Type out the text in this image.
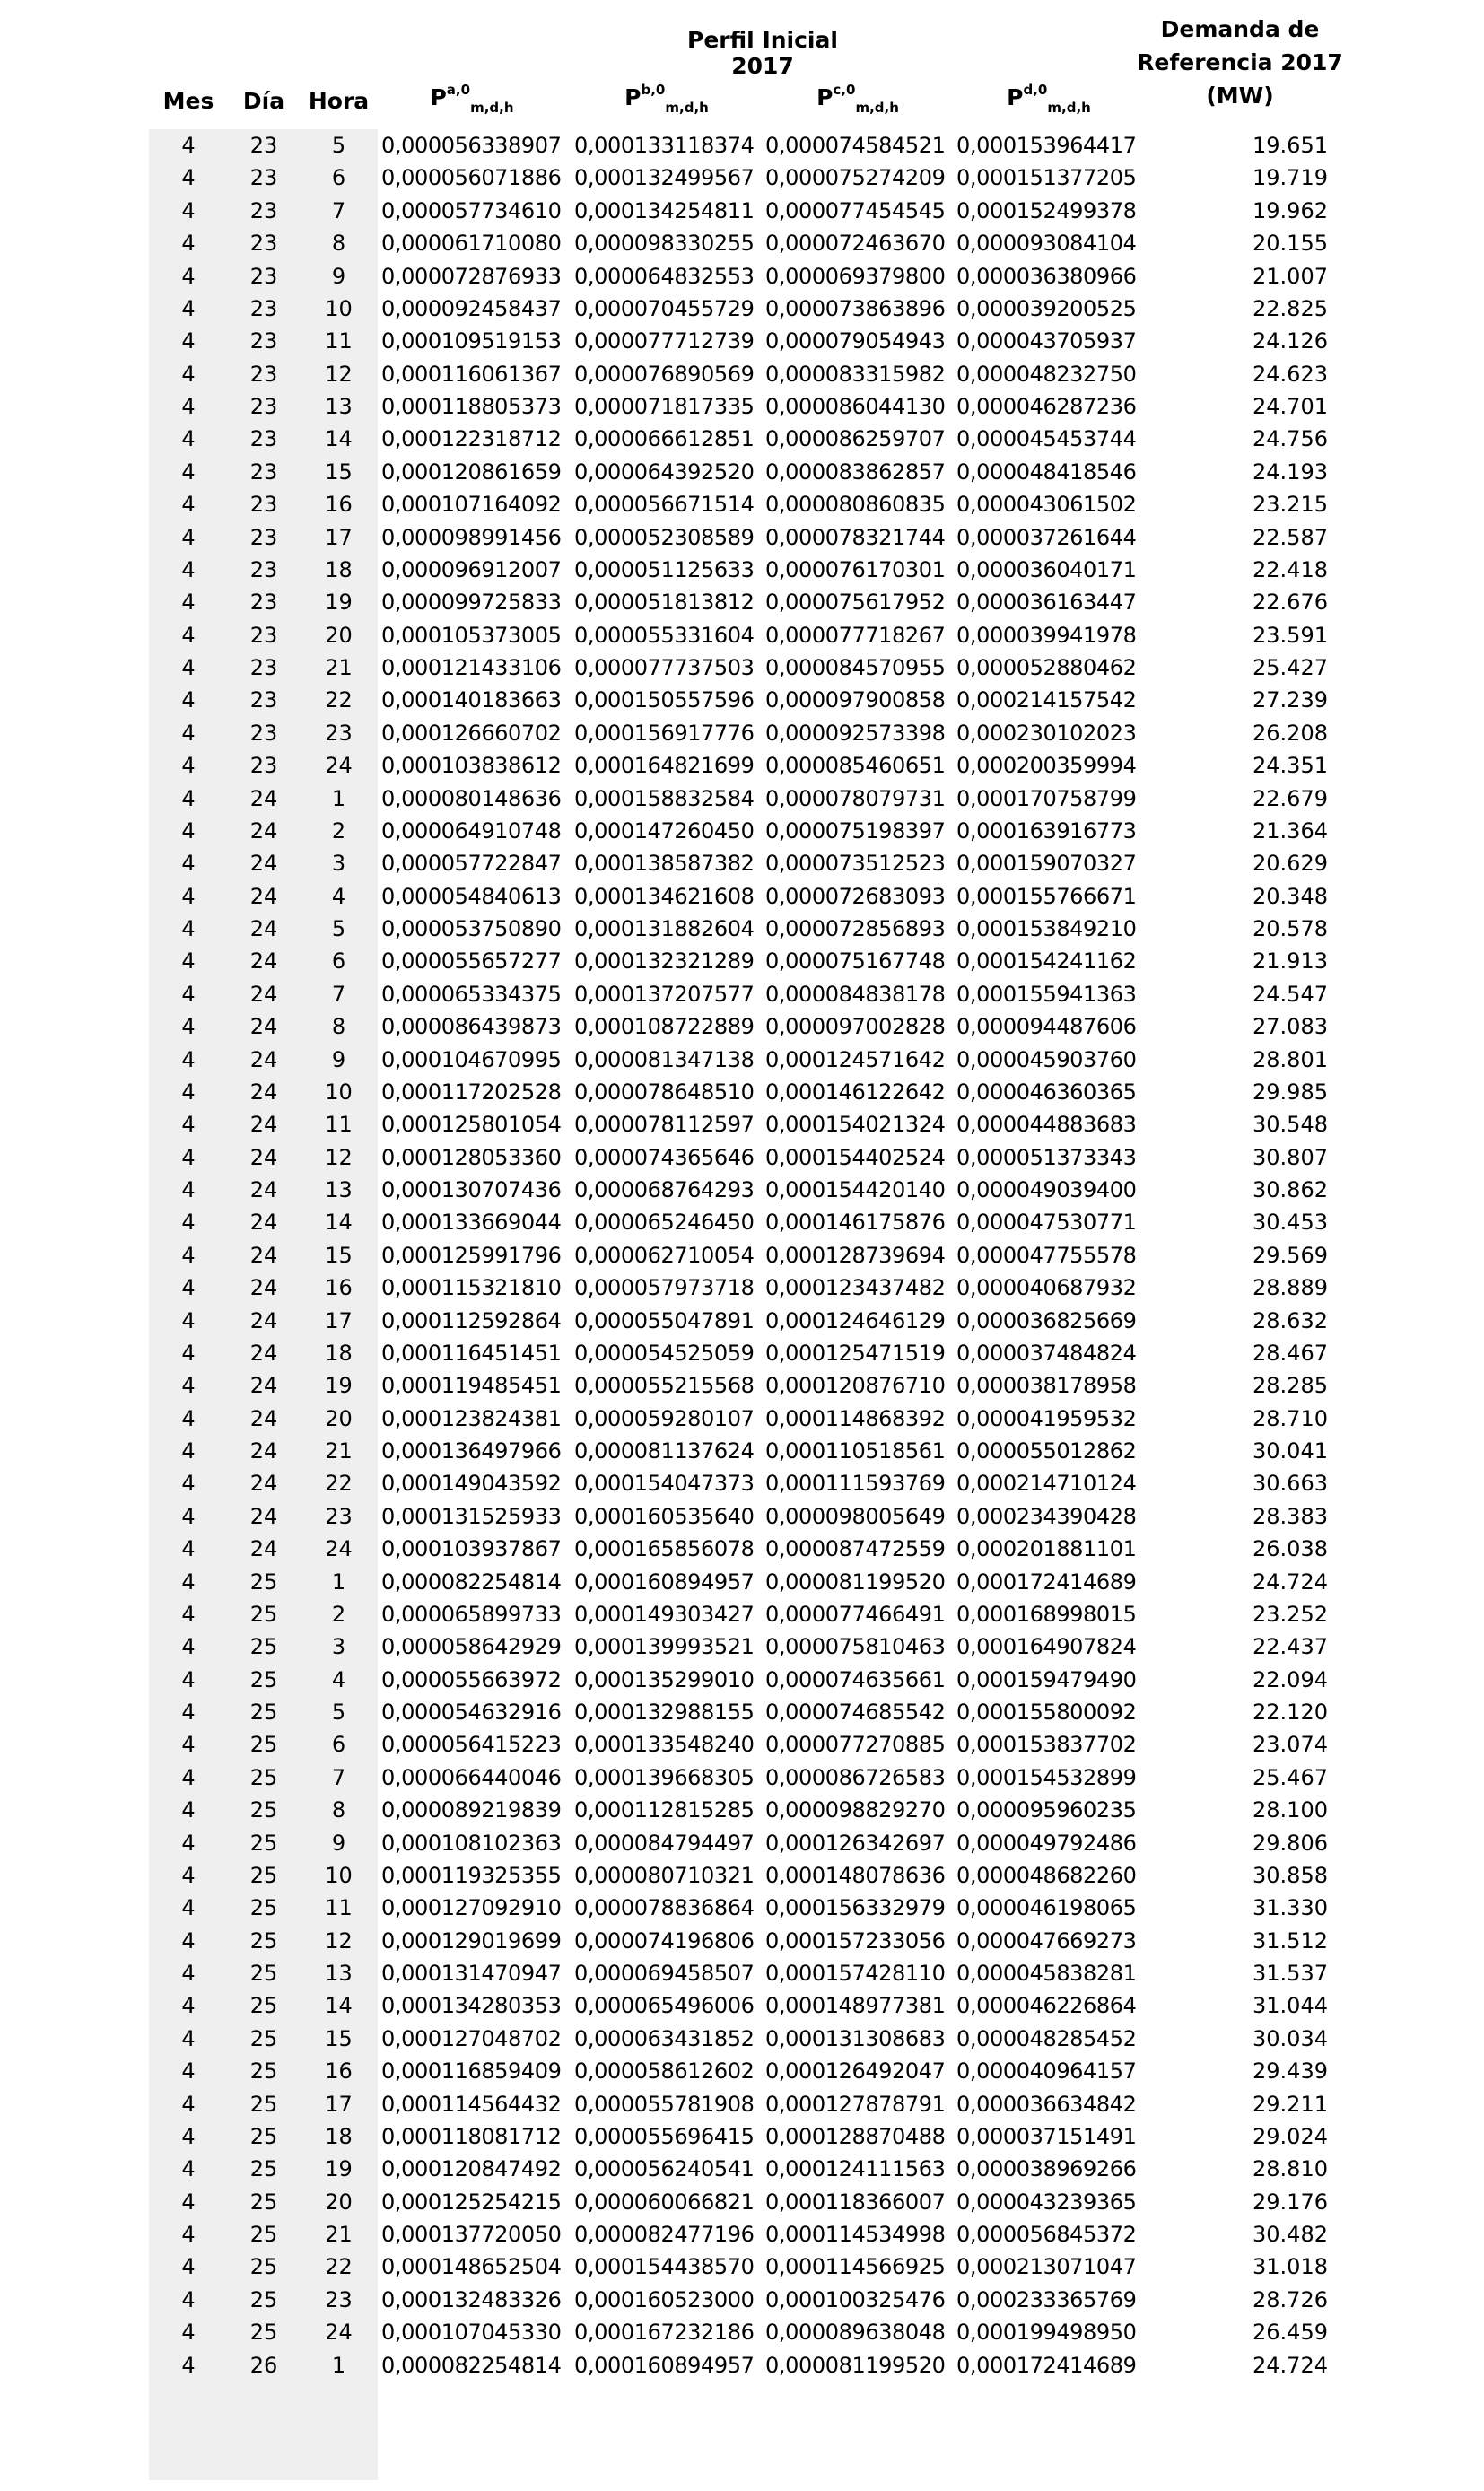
Perfil Inicial 2017
Demanda de
Referencia 2017
(MW)
Mes	Día	Hora	P$^{a,0}_{m,d,h}$	P$^{b,0}_{m,d,h}$	P$^{c,0}_{m,d,h}$	P$^{d,0}_{m,d,h}$
4	23	5	0,000056338907 0,000133118374 0,000074584521 0,000153964417	19.651
4	23	6	0,000056071886 0,000132499567 0,000075274209 0,000151377205	19.719
4	23	7	0,000057734610 0,000134254811 0,000077454545 0,000152499378	19.962
4	23	8	0,000061710080 0,000098330255 0,000072463670 0,000093084104	20.155
4	23	9	0,000072876933 0,000064832553 0,000069379800 0,000036380966	21.007
4	23	10	0,000092458437 0,000070455729 0,000073863896 0,000039200525	22.825
4	23	11	0,000109519153 0,000077712739 0,000079054943 0,000043705937	24.126
4	23	12	0,000116061367 0,000076890569 0,000083315982 0,000048232750	24.623
4	23	13	0,000118805373 0,000071817335 0,000086044130 0,000046287236	24.701
4	23	14	0,000122318712 0,000066612851 0,000086259707 0,000045453744	24.756
4	23	15	0,000120861659 0,000064392520 0,000083862857 0,000048418546	24.193
4	23	16	0,000107164092 0,000056671514 0,000080860835 0,000043061502	23.215
4	23	17	0,000098991456 0,000052308589 0,000078321744 0,000037261644	22.587
4	23	18	0,000096912007 0,000051125633 0,000076170301 0,000036040171	22.418
4	23	19	0,000099725833 0,000051813812 0,000075617952 0,000036163447	22.676
4	23	20	0,000105373005 0,000055331604 0,000077718267 0,000039941978	23.591
4	23	21	0,000121433106 0,000077737503 0,000084570955 0,000052880462	25.427
4	23	22	0,000140183663 0,000150557596 0,000097900858 0,000214157542	27.239
4	23	23	0,000126660702 0,000156917776 0,000092573398 0,000230102023	26.208
4	23	24	0,000103838612 0,000164821699 0,000085460651 0,000200359994	24.351
4	24	1	0,000080148636 0,000158832584 0,000078079731 0,000170758799	22.679
4	24	2	0,000064910748 0,000147260450 0,000075198397 0,000163916773	21.364
4	24	3	0,000057722847 0,000138587382 0,000073512523 0,000159070327	20.629
4	24	4	0,000054840613 0,000134621608 0,000072683093 0,000155766671	20.348
4	24	5	0,000053750890 0,000131882604 0,000072856893 0,000153849210	20.578
4	24	6	0,000055657277 0,000132321289 0,000075167748 0,000154241162	21.913
4	24	7	0,000065334375 0,000137207577 0,000084838178 0,000155941363	24.547
4	24	8	0,000086439873 0,000108722889 0,000097002828 0,000094487606	27.083
4	24	9	0,000104670995 0,000081347138 0,000124571642 0,000045903760	28.801
4	24	10	0,000117202528 0,000078648510 0,000146122642 0,000046360365	29.985
4	24	11	0,000125801054 0,000078112597 0,000154021324 0,000044883683	30.548
4	24	12	0,000128053360 0,000074365646 0,000154402524 0,000051373343	30.807
4	24	13	0,000130707436 0,000068764293 0,000154420140 0,000049039400	30.862
4	24	14	0,000133669044 0,000065246450 0,000146175876 0,000047530771	30.453
4	24	15	0,000125991796 0,000062710054 0,000128739694 0,000047755578	29.569
4	24	16	0,000115321810 0,000057973718 0,000123437482 0,000040687932	28.889
4	24	17	0,000112592864 0,000055047891 0,000124646129 0,000036825669	28.632
4	24	18	0,000116451451 0,000054525059 0,000125471519 0,000037484824	28.467
4	24	19	0,000119485451 0,000055215568 0,000120876710 0,000038178958	28.285
4	24	20	0,000123824381 0,000059280107 0,000114868392 0,000041959532	28.710
4	24	21	0,000136497966 0,000081137624 0,000110518561 0,000055012862	30.041
4	24	22	0,000149043592 0,000154047373 0,000111593769 0,000214710124	30.663
4	24	23	0,000131525933 0,000160535640 0,000098005649 0,000234390428	28.383
4	24	24	0,000103937867 0,000165856078 0,000087472559 0,000201881101	26.038
4	25	1	0,000082254814 0,000160894957 0,000081199520 0,000172414689	24.724
4	25	2	0,000065899733 0,000149303427 0,000077466491 0,000168998015	23.252
4	25	3	0,000058642929 0,000139993521 0,000075810463 0,000164907824	22.437
4	25	4	0,000055663972 0,000135299010 0,000074635661 0,000159479490	22.094
4	25	5	0,000054632916 0,000132988155 0,000074685542 0,000155800092	22.120
4	25	6	0,000056415223 0,000133548240 0,000077270885 0,000153837702	23.074
4	25	7	0,000066440046 0,000139668305 0,000086726583 0,000154532899	25.467
4	25	8	0,000089219839 0,000112815285 0,000098829270 0,000095960235	28.100
4	25	9	0,000108102363 0,000084794497 0,000126342697 0,000049792486	29.806
4	25	10	0,000119325355 0,000080710321 0,000148078636 0,000048682260	30.858
4	25	11	0,000127092910 0,000078836864 0,000156332979 0,000046198065	31.330
4	25	12	0,000129019699 0,000074196806 0,000157233056 0,000047669273	31.512
4	25	13	0,000131470947 0,000069458507 0,000157428110 0,000045838281	31.537
4	25	14	0,000134280353 0,000065496006 0,000148977381 0,000046226864	31.044
4	25	15	0,000127048702 0,000063431852 0,000131308683 0,000048285452	30.034
4	25	16	0,000116859409 0,000058612602 0,000126492047 0,000040964157	29.439
4	25	17	0,000114564432 0,000055781908 0,000127878791 0,000036634842	29.211
4	25	18	0,000118081712 0,000055696415 0,000128870488 0,000037151491	29.024
4	25	19	0,000120847492 0,000056240541 0,000124111563 0,000038969266	28.810
4	25	20	0,000125254215 0,000060066821 0,000118366007 0,000043239365	29.176
4	25	21	0,000137720050 0,000082477196 0,000114534998 0,000056845372	30.482
4	25	22	0,000148652504 0,000154438570 0,000114566925 0,000213071047	31.018
4	25	23	0,000132483326 0,000160523000 0,000100325476 0,000233365769	28.726
4	25	24	0,000107045330 0,000167232186 0,000089638048 0,000199498950	26.459
4	26	1	0,000082254814 0,000160894957 0,000081199520 0,000172414689	24.724
